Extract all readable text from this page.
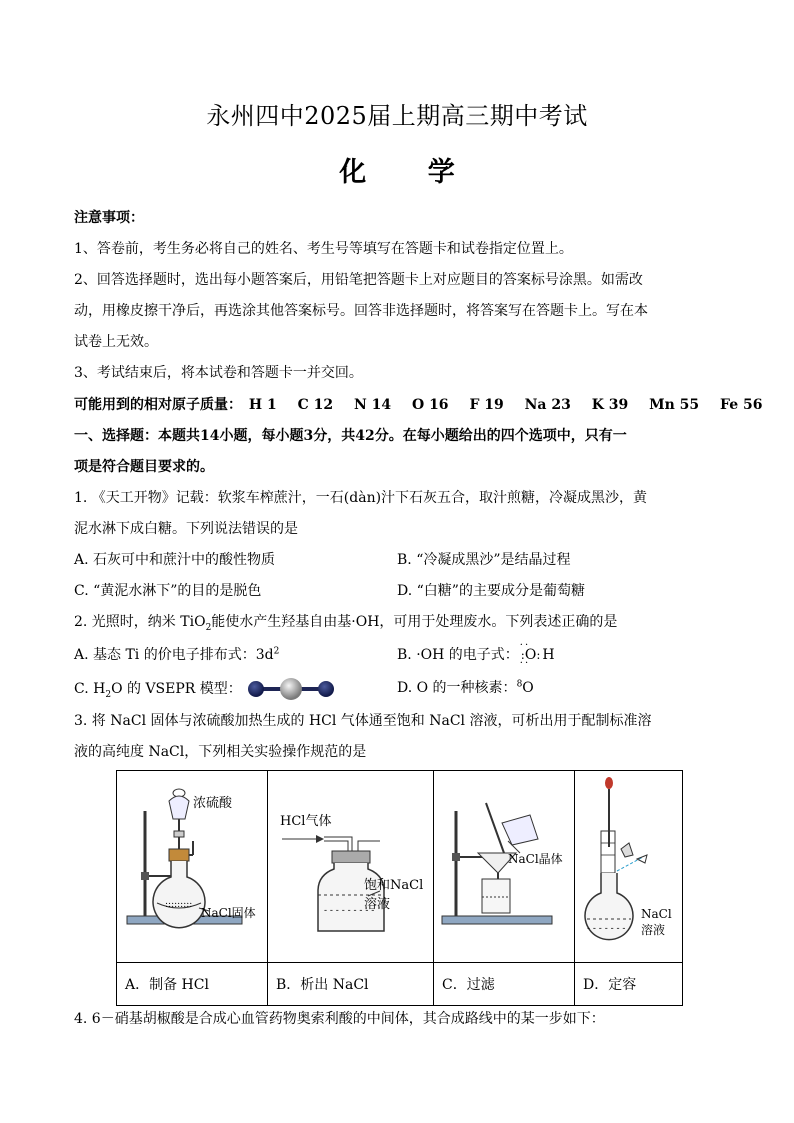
永州四中2025届上期高三期中考试
化 学
注意事项：
1、答卷前，考生务必将自己的姓名、考生号等填写在答题卡和试卷指定位置上。
2、回答选择题时，选出每小题答案后，用铅笔把答题卡上对应题目的答案标号涂黑。如需改
动，用橡皮擦干净后，再选涂其他答案标号。回答非选择题时，将答案写在答题卡上。写在本
试卷上无效。
3、考试结束后，将本试卷和答题卡一并交回。
可能用到的相对原子质量： H 1 C 12 N 14 O 16 F 19 Na 23 K 39 Mn 55 Fe 56
一、选择题：本题共14小题，每小题3分，共42分。在每小题给出的四个选项中，只有一
项是符合题目要求的。
1. 《天工开物》记载：软浆车榨蔗汁，一石(dàn)汁下石灰五合，取汁煎糖，冷凝成黑沙，黄
泥水淋下成白糖。下列说法错误的是
A. 石灰可中和蔗汁中的酸性物质	B. “冷凝成黑沙”是结晶过程
C. “黄泥水淋下”的目的是脱色	D. “白糖”的主要成分是葡萄糖
2. 光照时，纳米 TiO$_2$能使水产生羟基自由基·OH，可用于处理废水。下列表述正确的是
A. 基态 Ti 的价电子排布式：$3d^2$	B. ·OH 的电子式： :O:
··
··
H
C. $H_2O$ 的 VSEPR 模型：	D. O 的一种核素：$^8$O
3. 将 NaCl 固体与浓硫酸加热生成的 HCl 气体通至饱和 NaCl 溶液，可析出用于配制标准溶
液的高纯度 NaCl，下列相关实验操作规范的是
:::::::::
浓硫酸
NaCl固体	HCl气体
- - - - - - - - -
饱和NaCl
溶液	NaCl晶体	- - - - - - -
NaCl
溶液

A．制备 HCl	B．析出 NaCl	C．过滤	D．定容
4. 6－硝基胡椒酸是合成心血管药物奥索利酸的中间体，其合成路线中的某一步如下：
